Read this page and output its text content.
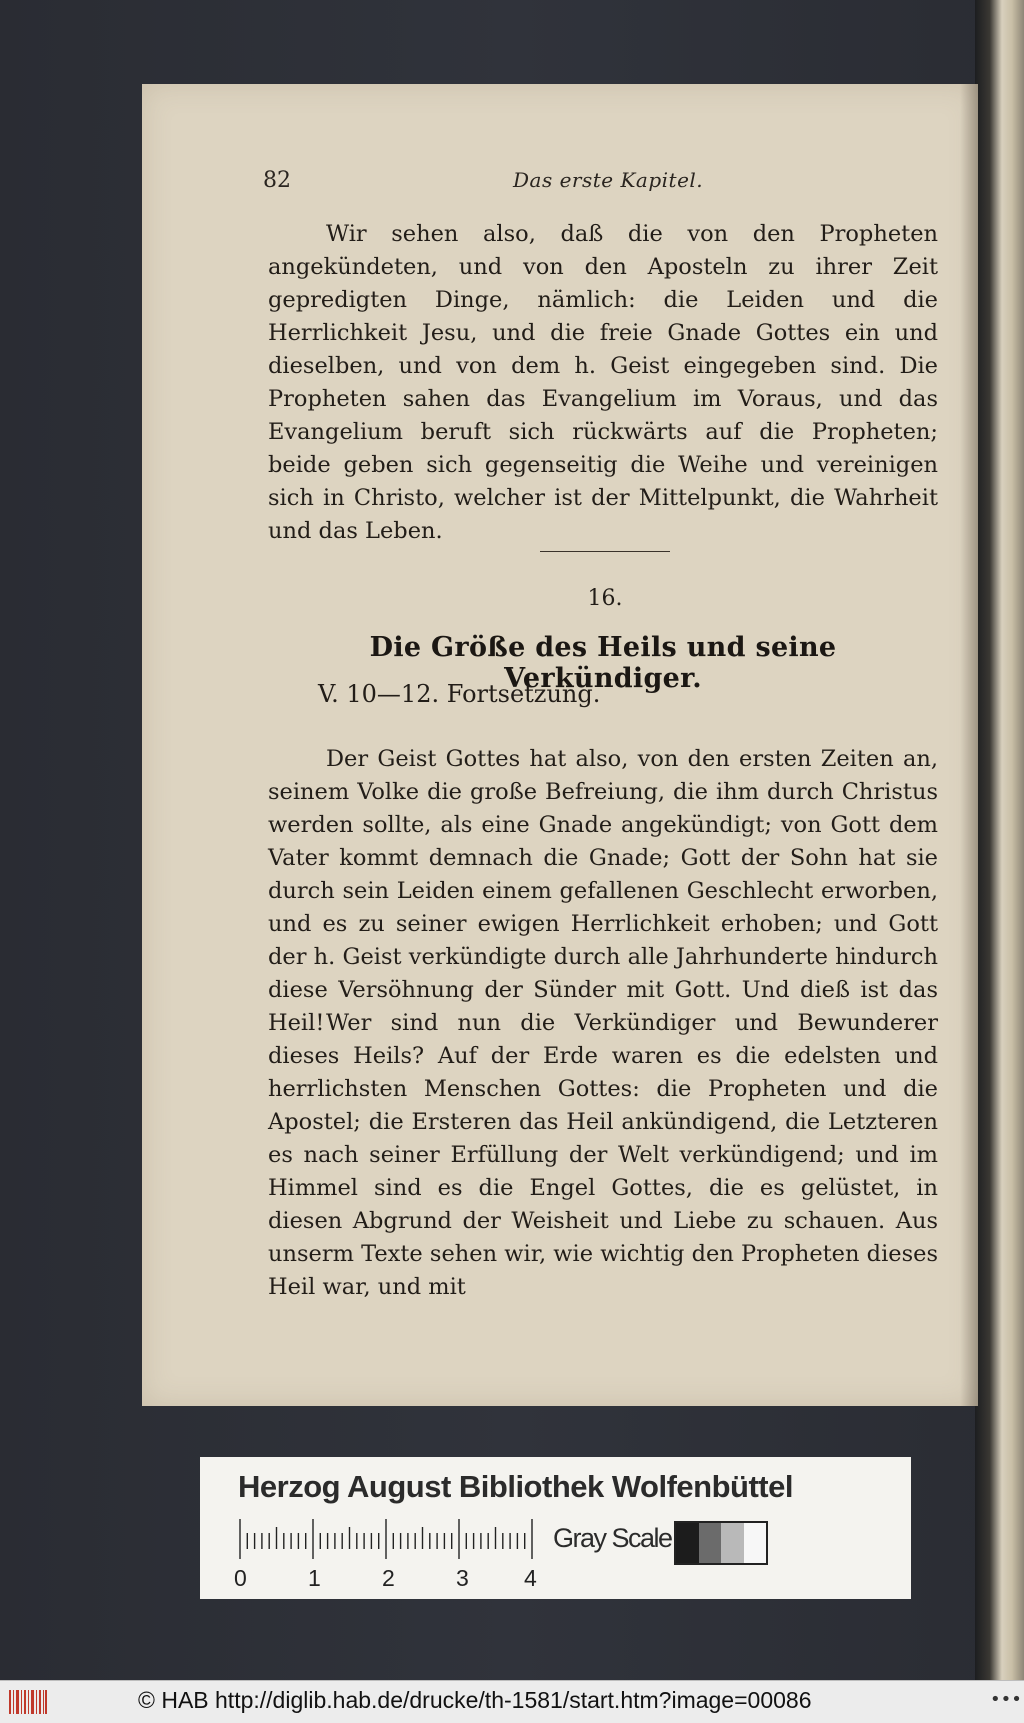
82	Das erste Kapitel.

Wir sehen also, daß die von den Propheten angekündeten, und von den Aposteln zu ihrer Zeit gepredigten Dinge, nämlich: die Leiden und die Herrlichkeit Jesu, und die freie Gnade Gottes ein und dieselben, und von dem h. Geist eingegeben sind. Die Propheten sahen das Evangelium im Voraus, und das Evangelium beruft sich rückwärts auf die Propheten; beide geben sich gegenseitig die Weihe und vereinigen sich in Christo, welcher ist der Mittelpunkt, die Wahrheit und das Leben.

16.
Die Größe des Heils und seine Verkündiger.
V. 10—12. Fortsetzung.

Der Geist Gottes hat also, von den ersten Zeiten an, seinem Volke die große Befreiung, die ihm durch Christus werden sollte, als eine Gnade angekündigt; von Gott dem Vater kommt demnach die Gnade; Gott der Sohn hat sie durch sein Leiden einem gefallenen Geschlecht erworben, und es zu seiner ewigen Herrlichkeit erhoben; und Gott der h. Geist verkündigte durch alle Jahrhunderte hindurch diese Versöhnung der Sünder mit Gott. Und dieß ist das Heil! Wer sind nun die Verkündiger und Bewunderer dieses Heils? Auf der Erde waren es die edelsten und herrlichsten Menschen Gottes: die Propheten und die Apostel; die Ersteren das Heil ankündigend, die Letzteren es nach seiner Erfüllung der Welt verkündigend; und im Himmel sind es die Engel Gottes, die es gelüstet, in diesen Abgrund der Weisheit und Liebe zu schauen. Aus unserm Texte sehen wir, wie wichtig den Propheten dieses Heil war, und mit

Herzog August Bibliothek Wolfenbüttel
0	1	2	3 4
Gray Scale
© HAB http://diglib.hab.de/drucke/th-1581/start.htm?image=00086	•••
